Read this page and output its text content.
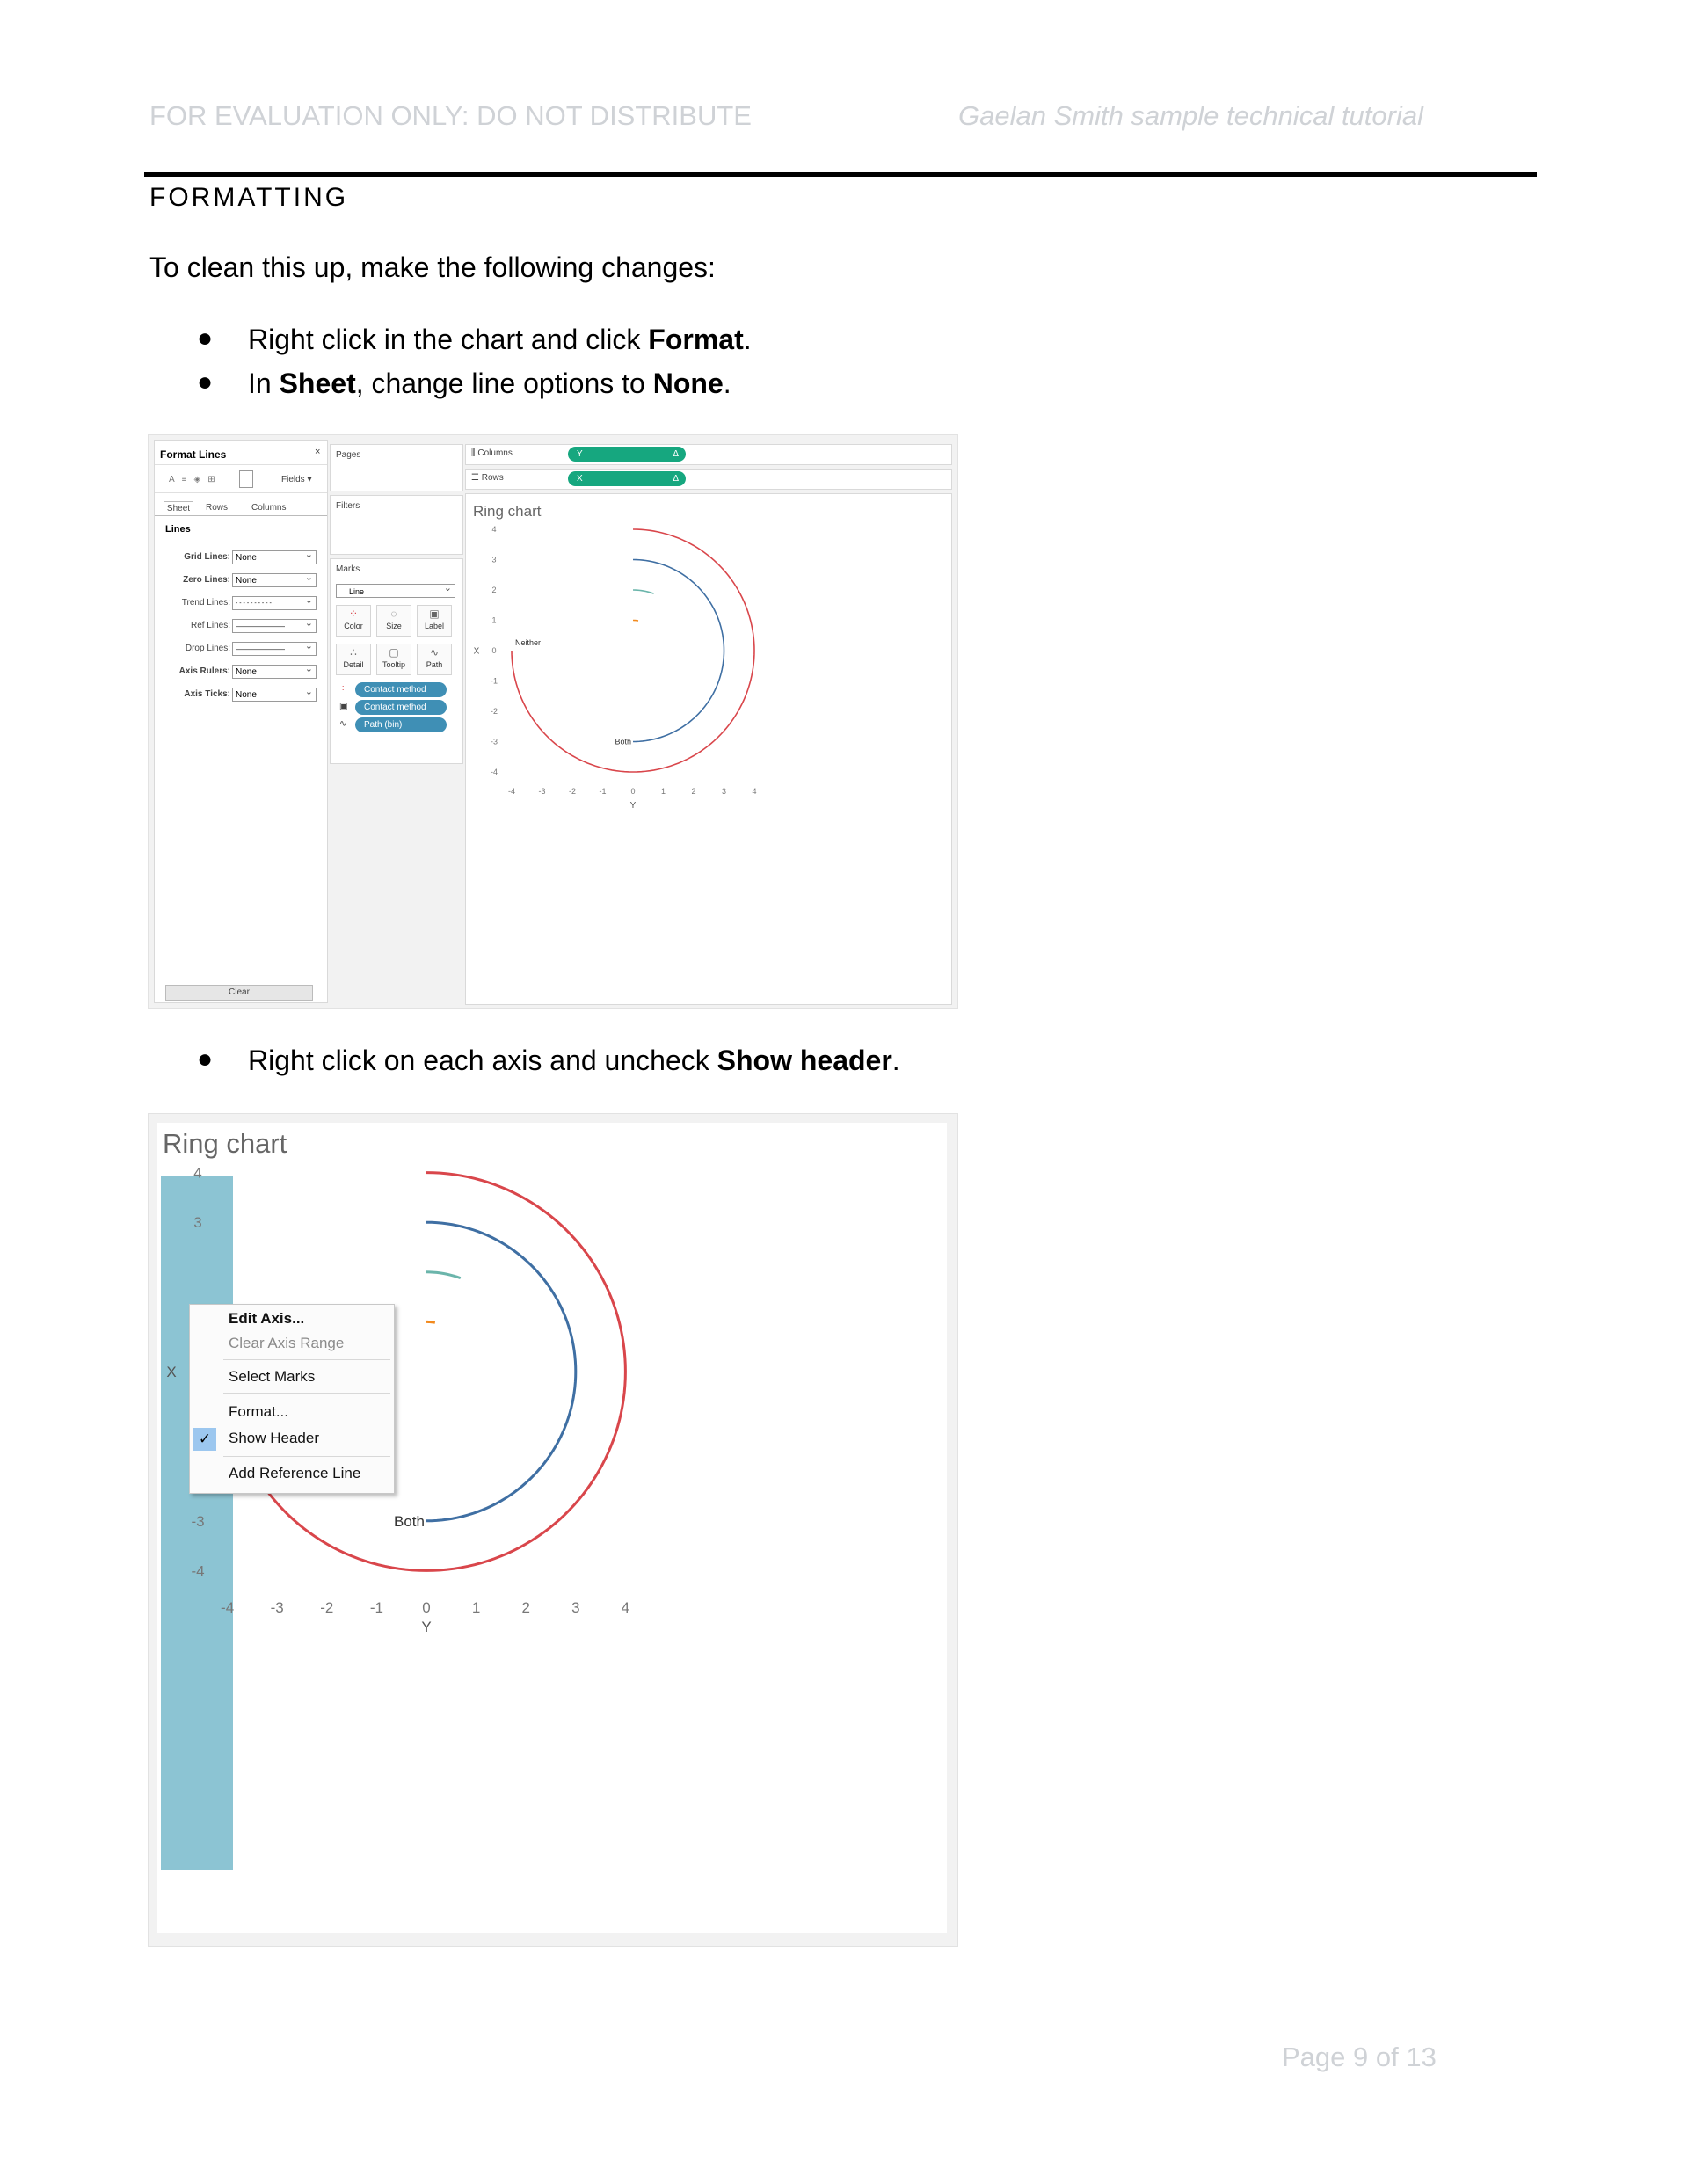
FOR EVALUATION ONLY: DO NOT DISTRIBUTE	Gaelan Smith sample technical tutorial
FORMATTING
To clean this up, make the following changes:
● Right click in the chart and click Format.
● In Sheet, change line options to None.
Format Lines	×
A≡◈⊞	Fields ▾
Sheet	Rows	Columns
Lines
Grid Lines: None ⌄
Zero Lines: None ⌄
Trend Lines: - - - - - - - - - - ⌄
Ref Lines: ——————— ⌄
Drop Lines: ——————— ⌄
Axis Rulers: None ⌄
Axis Ticks: None ⌄
Clear
Pages
Filters
Marks
Line ⌄
⁘
Color
◌
Size
▣
Label
∴
Detail
▢
Tooltip
∿
Path
⁘	Contact method
▣	Contact method
∿	Path (bin)
⫼ Columns	Y	Δ
☰ Rows	X	Δ
Ring chart
-4	-3	-2	-1	0	1	2	3	4
4
3
2
1
0
-1
-2
-3
-4
Y
X
Neither
Both
● Right click on each axis and uncheck Show header.
Ring chart
-4 -3 -2 -1	0	1	2	3	4
4
3
-3
-4
Y
X
Both
Edit Axis...
Clear Axis Range
Select Marks
Format...
✓	Show Header
Add Reference Line
Page 9 of 13
